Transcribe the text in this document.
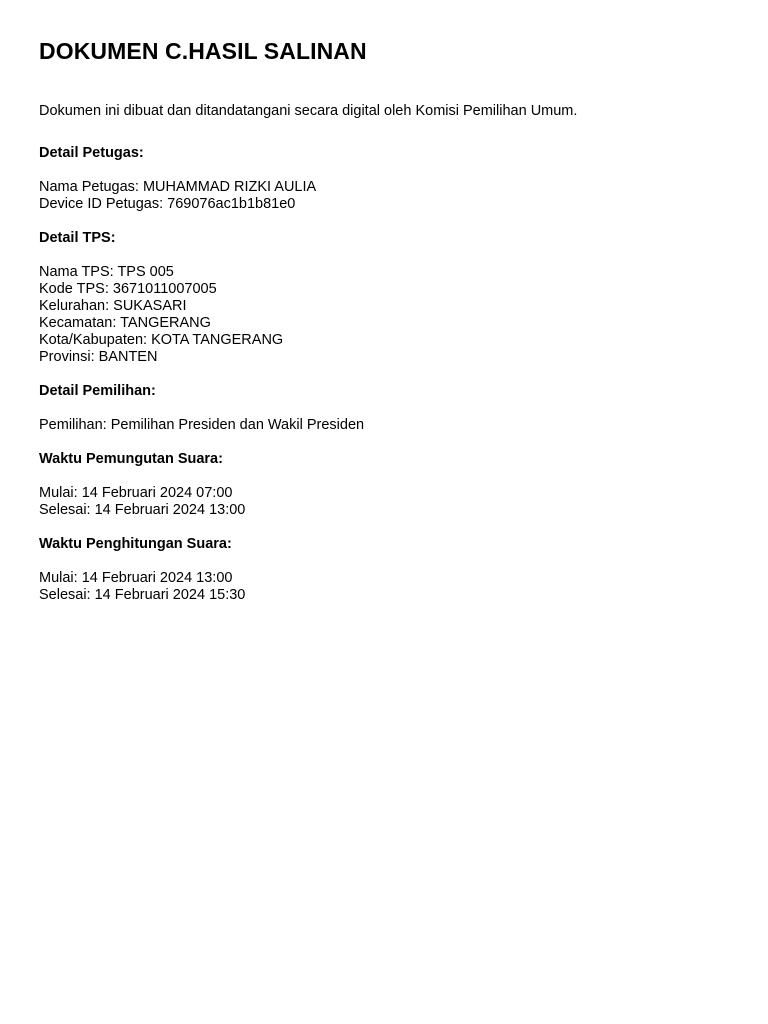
DOKUMEN C.HASIL SALINAN

Dokumen ini dibuat dan ditandatangani secara digital oleh Komisi Pemilihan Umum.

Detail Petugas:
Nama Petugas: MUHAMMAD RIZKI AULIA
Device ID Petugas: 769076ac1b1b81e0
Detail TPS:
Nama TPS: TPS 005
Kode TPS: 3671011007005
Kelurahan: SUKASARI
Kecamatan: TANGERANG
Kota/Kabupaten: KOTA TANGERANG
Provinsi: BANTEN
Detail Pemilihan:
Pemilihan: Pemilihan Presiden dan Wakil Presiden
Waktu Pemungutan Suara:
Mulai: 14 Februari 2024 07:00
Selesai: 14 Februari 2024 13:00
Waktu Penghitungan Suara:
Mulai: 14 Februari 2024 13:00
Selesai: 14 Februari 2024 15:30
